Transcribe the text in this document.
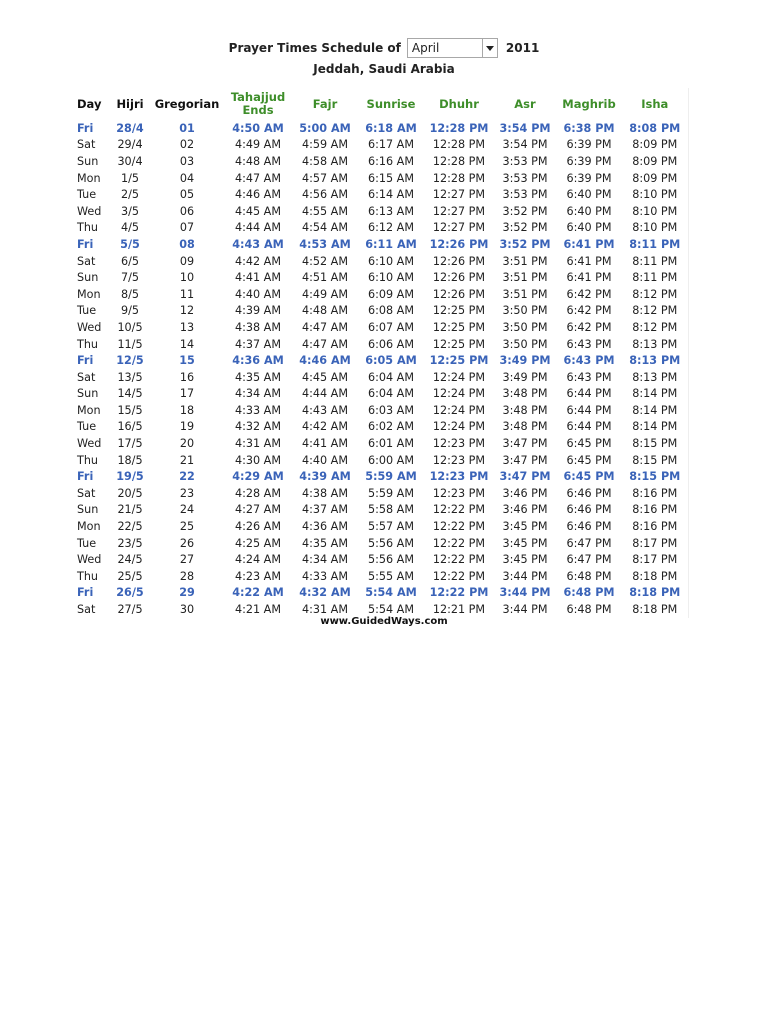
Prayer Times Schedule of April	2011
Jeddah, Saudi Arabia
Day	Hijri	Gregorian	Tahajjud Ends	Fajr	Sunrise	Dhuhr	Asr	Maghrib	Isha
Fri	28/4	01	4:50 AM	5:00 AM	6:18 AM	12:28 PM	3:54 PM	6:38 PM	8:08 PM
Sat	29/4	02	4:49 AM	4:59 AM	6:17 AM	12:28 PM	3:54 PM	6:39 PM	8:09 PM
Sun	30/4	03	4:48 AM	4:58 AM	6:16 AM	12:28 PM	3:53 PM	6:39 PM	8:09 PM
Mon	1/5	04	4:47 AM	4:57 AM	6:15 AM	12:28 PM	3:53 PM	6:39 PM	8:09 PM
Tue	2/5	05	4:46 AM	4:56 AM	6:14 AM	12:27 PM	3:53 PM	6:40 PM	8:10 PM
Wed	3/5	06	4:45 AM	4:55 AM	6:13 AM	12:27 PM	3:52 PM	6:40 PM	8:10 PM
Thu	4/5	07	4:44 AM	4:54 AM	6:12 AM	12:27 PM	3:52 PM	6:40 PM	8:10 PM
Fri	5/5	08	4:43 AM	4:53 AM	6:11 AM	12:26 PM	3:52 PM	6:41 PM	8:11 PM
Sat	6/5	09	4:42 AM	4:52 AM	6:10 AM	12:26 PM	3:51 PM	6:41 PM	8:11 PM
Sun	7/5	10	4:41 AM	4:51 AM	6:10 AM	12:26 PM	3:51 PM	6:41 PM	8:11 PM
Mon	8/5	11	4:40 AM	4:49 AM	6:09 AM	12:26 PM	3:51 PM	6:42 PM	8:12 PM
Tue	9/5	12	4:39 AM	4:48 AM	6:08 AM	12:25 PM	3:50 PM	6:42 PM	8:12 PM
Wed	10/5	13	4:38 AM	4:47 AM	6:07 AM	12:25 PM	3:50 PM	6:42 PM	8:12 PM
Thu	11/5	14	4:37 AM	4:47 AM	6:06 AM	12:25 PM	3:50 PM	6:43 PM	8:13 PM
Fri	12/5	15	4:36 AM	4:46 AM	6:05 AM	12:25 PM	3:49 PM	6:43 PM	8:13 PM
Sat	13/5	16	4:35 AM	4:45 AM	6:04 AM	12:24 PM	3:49 PM	6:43 PM	8:13 PM
Sun	14/5	17	4:34 AM	4:44 AM	6:04 AM	12:24 PM	3:48 PM	6:44 PM	8:14 PM
Mon	15/5	18	4:33 AM	4:43 AM	6:03 AM	12:24 PM	3:48 PM	6:44 PM	8:14 PM
Tue	16/5	19	4:32 AM	4:42 AM	6:02 AM	12:24 PM	3:48 PM	6:44 PM	8:14 PM
Wed	17/5	20	4:31 AM	4:41 AM	6:01 AM	12:23 PM	3:47 PM	6:45 PM	8:15 PM
Thu	18/5	21	4:30 AM	4:40 AM	6:00 AM	12:23 PM	3:47 PM	6:45 PM	8:15 PM
Fri	19/5	22	4:29 AM	4:39 AM	5:59 AM	12:23 PM	3:47 PM	6:45 PM	8:15 PM
Sat	20/5	23	4:28 AM	4:38 AM	5:59 AM	12:23 PM	3:46 PM	6:46 PM	8:16 PM
Sun	21/5	24	4:27 AM	4:37 AM	5:58 AM	12:22 PM	3:46 PM	6:46 PM	8:16 PM
Mon	22/5	25	4:26 AM	4:36 AM	5:57 AM	12:22 PM	3:45 PM	6:46 PM	8:16 PM
Tue	23/5	26	4:25 AM	4:35 AM	5:56 AM	12:22 PM	3:45 PM	6:47 PM	8:17 PM
Wed	24/5	27	4:24 AM	4:34 AM	5:56 AM	12:22 PM	3:45 PM	6:47 PM	8:17 PM
Thu	25/5	28	4:23 AM	4:33 AM	5:55 AM	12:22 PM	3:44 PM	6:48 PM	8:18 PM
Fri	26/5	29	4:22 AM	4:32 AM	5:54 AM	12:22 PM	3:44 PM	6:48 PM	8:18 PM
Sat	27/5	30	4:21 AM	4:31 AM	5:54 AM	12:21 PM	3:44 PM	6:48 PM	8:18 PM
www.GuidedWays.com
